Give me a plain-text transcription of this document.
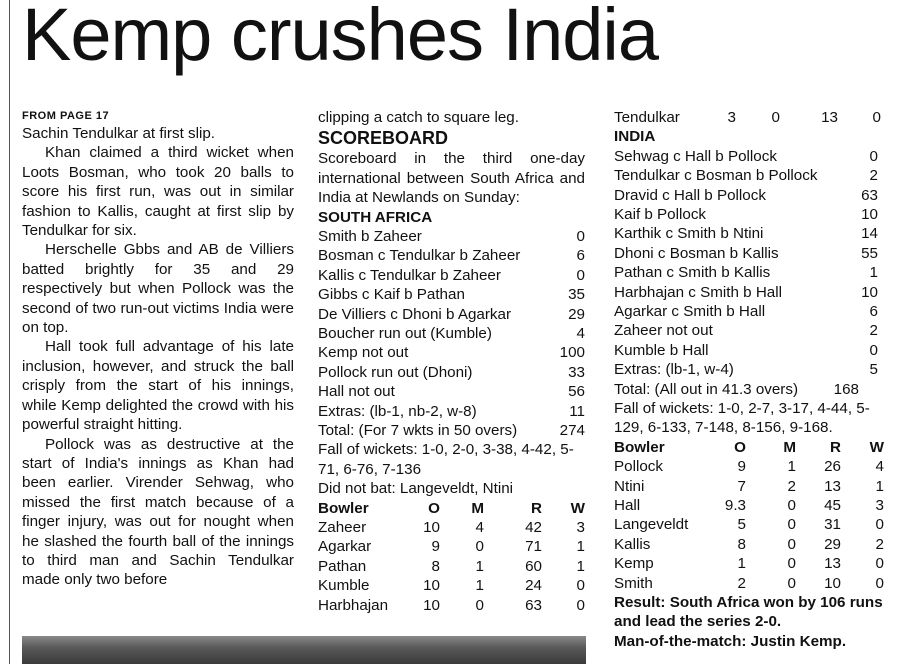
Kemp crushes India
FROM PAGE 17

Sachin Tendulkar at first slip.

Khan claimed a third wicket when Loots Bosman, who took 20 balls to score his first run, was out in similar fashion to Kallis, caught at first slip by Tendulkar for six.

Herschelle Gbbs and AB de Villiers batted brightly for 35 and 29 respectively but when Pollock was the second of two run-out victims India were on top.

Hall took full advantage of his late inclusion, however, and struck the ball crisply from the start of his innings, while Kemp delighted the crowd with his powerful straight hitting.

Pollock was as destructive at the start of India's innings as Khan had been earlier. Virender Sehwag, who missed the first match because of a finger injury, was out for nought when he slashed the fourth ball of the innings to third man and Sachin Tendulkar made only two before

clipping a catch to square leg.
SCOREBOARD

Scoreboard in the third one-day international between South Africa and India at Newlands on Sunday:

SOUTH AFRICA
Smith b Zaheer	0
Bosman c Tendulkar b Zaheer	6
Kallis c Tendulkar b Zaheer	0
Gibbs c Kaif b Pathan	35
De Villiers c Dhoni b Agarkar	29
Boucher run out (Kumble)	4
Kemp not out	100
Pollock run out (Dhoni)	33
Hall not out	56
Extras: (lb-1, nb-2, w-8)	11
Total: (For 7 wkts in 50 overs)	274
Fall of wickets: 1-0, 2-0, 3-38, 4-42, 5-71, 6-76, 7-136
Did not bat: Langeveldt, Ntini
Bowler	O	M	R	W
Zaheer	10	4	42	3
Agarkar	9	0	71	1
Pathan	8	1	60	1
Kumble	10	1	24	0
Harbhajan	10	0	63	0
Tendulkar	3	0	13	0
INDIA
Sehwag c Hall b Pollock	0
Tendulkar c Bosman b Pollock	2
Dravid c Hall b Pollock	63
Kaif b Pollock	10
Karthik c Smith b Ntini	14
Dhoni c Bosman b Kallis	55
Pathan c Smith b Kallis	1
Harbhajan c Smith b Hall	10
Agarkar c Smith b Hall	6
Zaheer not out	2
Kumble b Hall	0
Extras: (lb-1, w-4)	5
Total: (All out in 41.3 overs) 168
Fall of wickets: 1-0, 2-7, 3-17, 4-44, 5-129, 6-133, 7-148, 8-156, 9-168.
Bowler	O	M	R	W
Pollock	9	1	26	4
Ntini	7	2	13	1
Hall	9.3	0	45	3
Langeveldt	5	0	31	0
Kallis	8	0	29	2
Kemp	1	0	13	0
Smith	2	0	10	0
Result: South Africa won by 106 runs and lead the series 2-0.
Man-of-the-match: Justin Kemp.
